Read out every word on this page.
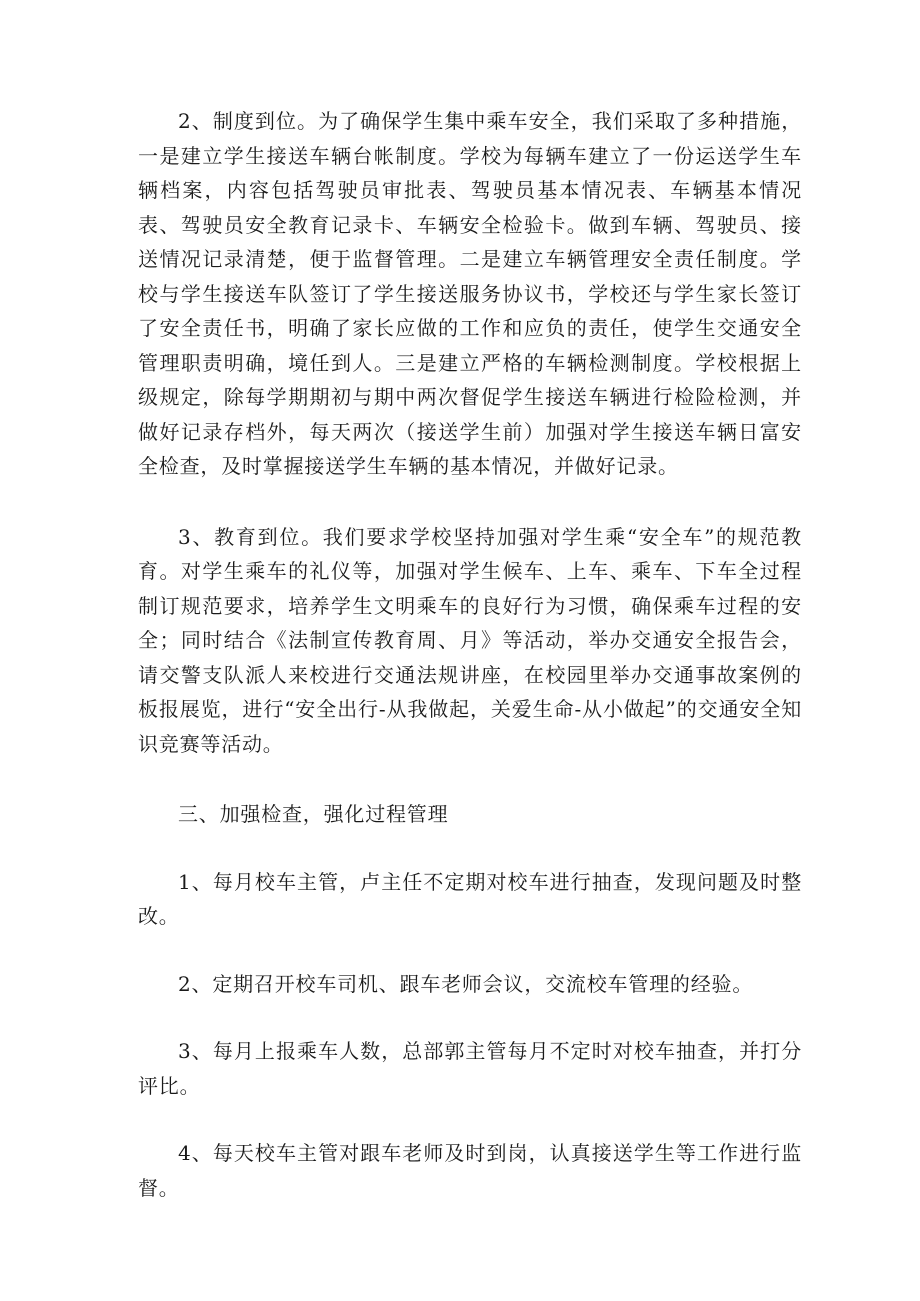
2、制度到位。为了确保学生集中乘车安全，我们采取了多种措施，一是建立学生接送车辆台帐制度。学校为每辆车建立了一份运送学生车辆档案，内容包括驾驶员审批表、驾驶员基本情况表、车辆基本情况表、驾驶员安全教育记录卡、车辆安全检验卡。做到车辆、驾驶员、接送情况记录清楚，便于监督管理。二是建立车辆管理安全责任制度。学校与学生接送车队签订了学生接送服务协议书，学校还与学生家长签订了安全责任书，明确了家长应做的工作和应负的责任，使学生交通安全管理职责明确，境任到人。三是建立严格的车辆检测制度。学校根据上级规定，除每学期期初与期中两次督促学生接送车辆进行检险检测，并做好记录存档外，每天两次（接送学生前）加强对学生接送车辆日富安全检查，及时掌握接送学生车辆的基本情况，并做好记录。

3、教育到位。我们要求学校坚持加强对学生乘“安全车”的规范教育。对学生乘车的礼仪等，加强对学生候车、上车、乘车、下车全过程制订规范要求，培养学生文明乘车的良好行为习惯，确保乘车过程的安全；同时结合《法制宣传教育周、月》等活动，举办交通安全报告会，请交警支队派人来校进行交通法规讲座，在校园里举办交通事故案例的板报展览，进行“安全出行-从我做起，关爱生命-从小做起”的交通安全知识竞赛等活动。

三、加强检查，强化过程管理

1、每月校车主管，卢主任不定期对校车进行抽查，发现问题及时整改。

2、定期召开校车司机、跟车老师会议，交流校车管理的经验。

3、每月上报乘车人数，总部郭主管每月不定时对校车抽查，并打分评比。

4、每天校车主管对跟车老师及时到岗，认真接送学生等工作进行监督。
